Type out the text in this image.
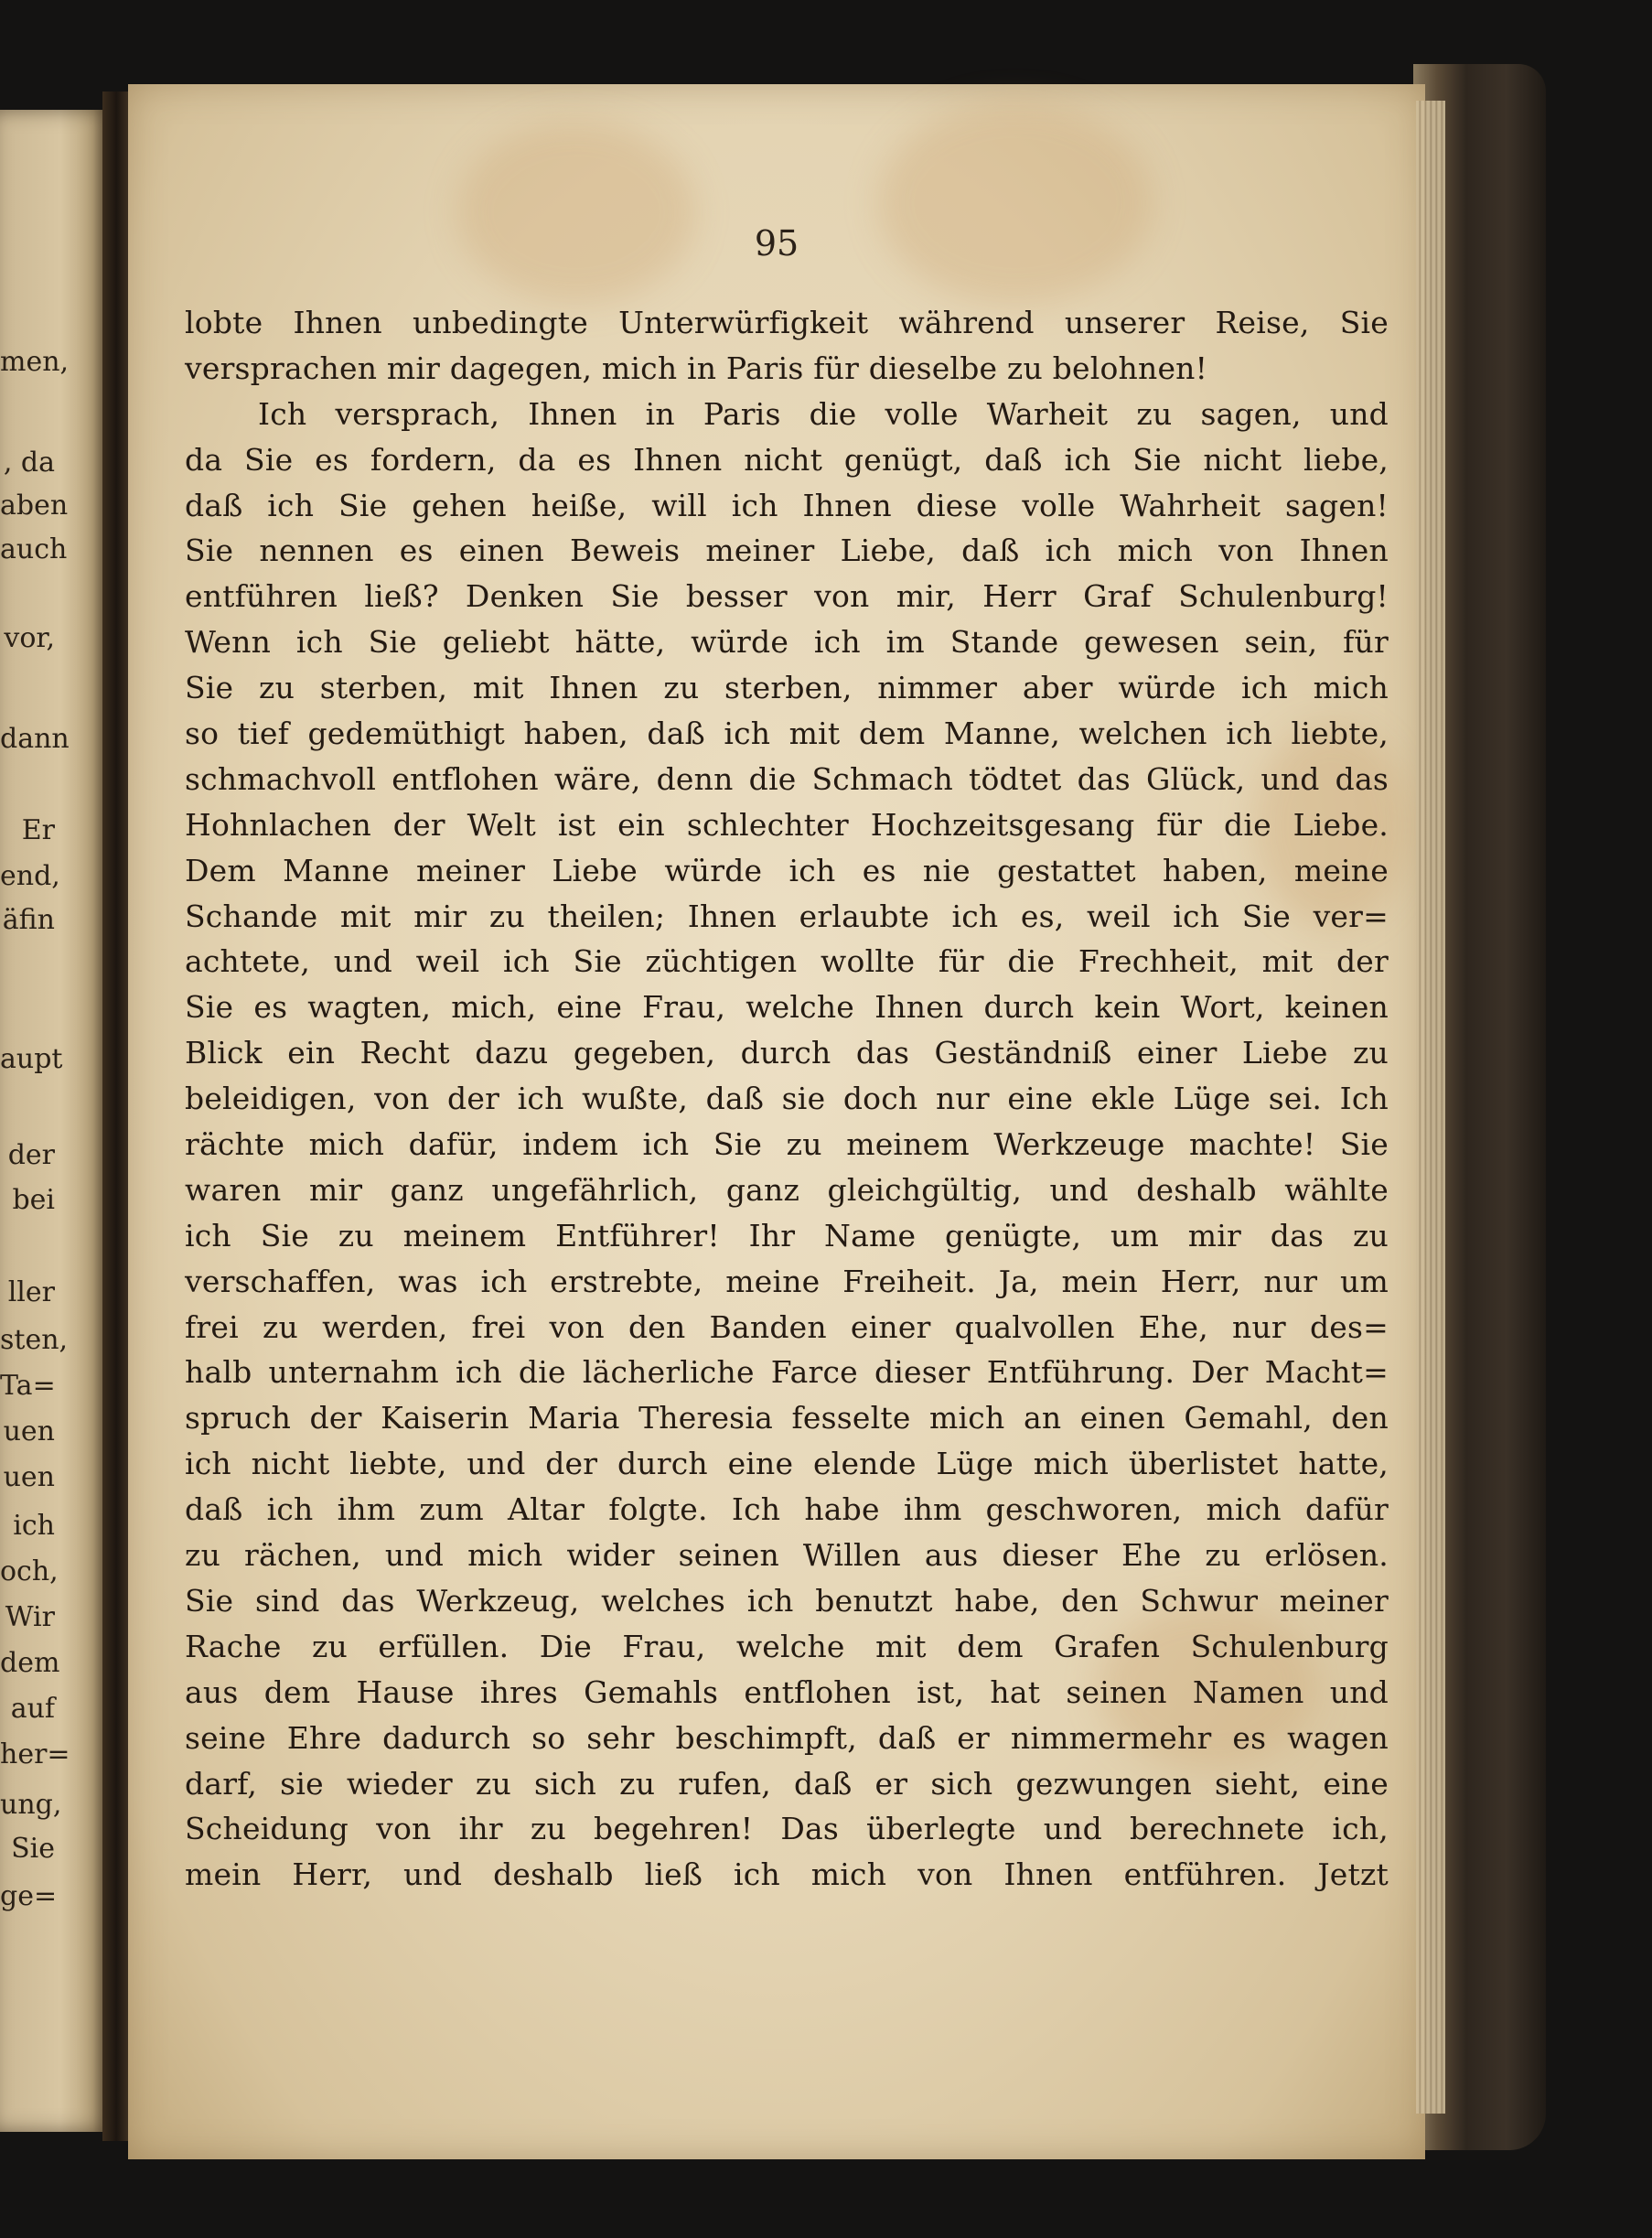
men,
, da
aben
auch
vor,
dann
Er
end,
äfin
aupt
der
bei
ller
sten,
Ta=
uen
uen
ich
och,
Wir
dem
auf
her=
ung,
Sie
ge=
95
lobte Ihnen unbedingte Unterwürfigkeit während unserer Reise, Sie
versprachen mir dagegen, mich in Paris für dieselbe zu belohnen!
Ich versprach, Ihnen in Paris die volle Warheit zu sagen, und
da Sie es fordern, da es Ihnen nicht genügt, daß ich Sie nicht liebe,
daß ich Sie gehen heiße, will ich Ihnen diese volle Wahrheit sagen!
Sie nennen es einen Beweis meiner Liebe, daß ich mich von Ihnen
entführen ließ? Denken Sie besser von mir, Herr Graf Schulenburg!
Wenn ich Sie geliebt hätte, würde ich im Stande gewesen sein, für
Sie zu sterben, mit Ihnen zu sterben, nimmer aber würde ich mich
so tief gedemüthigt haben, daß ich mit dem Manne, welchen ich liebte,
schmachvoll entflohen wäre, denn die Schmach tödtet das Glück, und das
Hohnlachen der Welt ist ein schlechter Hochzeitsgesang für die Liebe.
Dem Manne meiner Liebe würde ich es nie gestattet haben, meine
Schande mit mir zu theilen; Ihnen erlaubte ich es, weil ich Sie ver=
achtete, und weil ich Sie züchtigen wollte für die Frechheit, mit der
Sie es wagten, mich, eine Frau, welche Ihnen durch kein Wort, keinen
Blick ein Recht dazu gegeben, durch das Geständniß einer Liebe zu
beleidigen, von der ich wußte, daß sie doch nur eine ekle Lüge sei. Ich
rächte mich dafür, indem ich Sie zu meinem Werkzeuge machte! Sie
waren mir ganz ungefährlich, ganz gleichgültig, und deshalb wählte
ich Sie zu meinem Entführer! Ihr Name genügte, um mir das zu
verschaffen, was ich erstrebte, meine Freiheit. Ja, mein Herr, nur um
frei zu werden, frei von den Banden einer qualvollen Ehe, nur des=
halb unternahm ich die lächerliche Farce dieser Entführung. Der Macht=
spruch der Kaiserin Maria Theresia fesselte mich an einen Gemahl, den
ich nicht liebte, und der durch eine elende Lüge mich überlistet hatte,
daß ich ihm zum Altar folgte. Ich habe ihm geschworen, mich dafür
zu rächen, und mich wider seinen Willen aus dieser Ehe zu erlösen.
Sie sind das Werkzeug, welches ich benutzt habe, den Schwur meiner
Rache zu erfüllen. Die Frau, welche mit dem Grafen Schulenburg
aus dem Hause ihres Gemahls entflohen ist, hat seinen Namen und
seine Ehre dadurch so sehr beschimpft, daß er nimmermehr es wagen
darf, sie wieder zu sich zu rufen, daß er sich gezwungen sieht, eine
Scheidung von ihr zu begehren! Das überlegte und berechnete ich,
mein Herr, und deshalb ließ ich mich von Ihnen entführen. Jetzt
